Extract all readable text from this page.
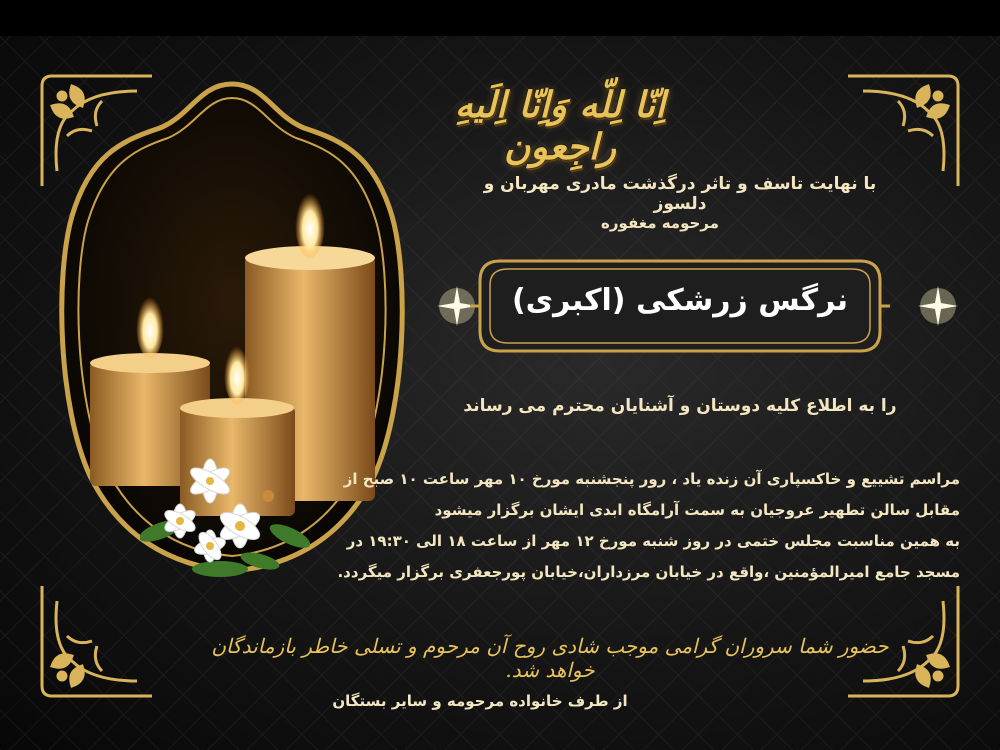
اِنّا لِلّه وَاِنّا اِلَیهِ راجِعون
با نهایت تاسف و تاثر درگذشت مادری مهربان و دلسوز
مرحومه مغفوره
نرگس زرشکی (اکبری)
را به اطلاع کلیه دوستان و آشنایان محترم می رساند
مراسم تشییع و خاکسپاری آن زنده یاد ، رور پنجشنبه مورخ ۱۰ مهر ساعت ۱۰ صبح از
مقابل سالن تطهیر عروجیان به سمت آرامگاه ابدی ایشان برگزار میشود
به همین مناسبت مجلس ختمی در روز شنبه مورخ ۱۲ مهر از ساعت ۱۸ الی ۱۹:۳۰ در
مسجد جامع امیرالمؤمنین ،واقع در خیابان مرزداران،خیابان پورجعفری برگزار میگردد.
حضور شما سروران گرامی موجب شادی روح آن مرحوم و تسلی خاطر بازماندگان خواهد شد.
از طرف خانواده مرحومه و سایر بستگان
